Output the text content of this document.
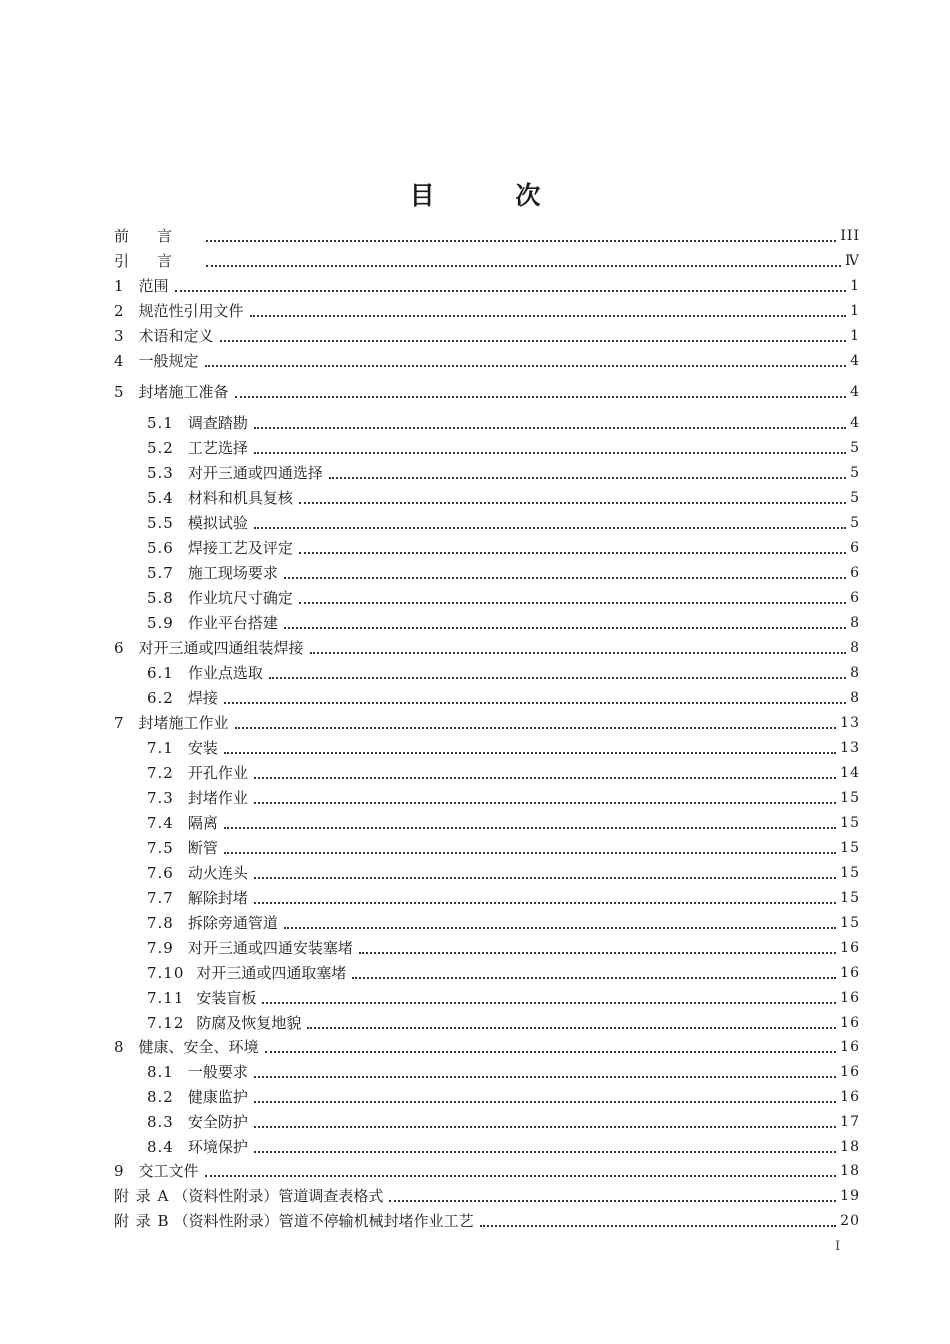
目 次
前言	III
引言	Ⅳ
1 范围	1
2 规范性引用文件	1
3 术语和定义	1
4 一般规定	4
5 封堵施工准备	4
5.1 调查踏勘	4
5.2 工艺选择	5
5.3 对开三通或四通选择	5
5.4 材料和机具复核	5
5.5 模拟试验	5
5.6 焊接工艺及评定	6
5.7 施工现场要求	6
5.8 作业坑尺寸确定	6
5.9 作业平台搭建	8
6 对开三通或四通组装焊接	8
6.1 作业点选取	8
6.2 焊接	8
7 封堵施工作业	13
7.1 安装	13
7.2 开孔作业	14
7.3 封堵作业	15
7.4 隔离	15
7.5 断管	15
7.6 动火连头	15
7.7 解除封堵	15
7.8 拆除旁通管道	15
7.9 对开三通或四通安装塞堵	16
7.10 对开三通或四通取塞堵	16
7.11 安装盲板	16
7.12 防腐及恢复地貌	16
8 健康、安全、环境	16
8.1 一般要求	16
8.2 健康监护	16
8.3 安全防护	17
8.4 环境保护	18
9 交工文件	18
附 录 A （资料性附录）管道调查表格式	19
附 录 B （资料性附录）管道不停输机械封堵作业工艺	20
I
